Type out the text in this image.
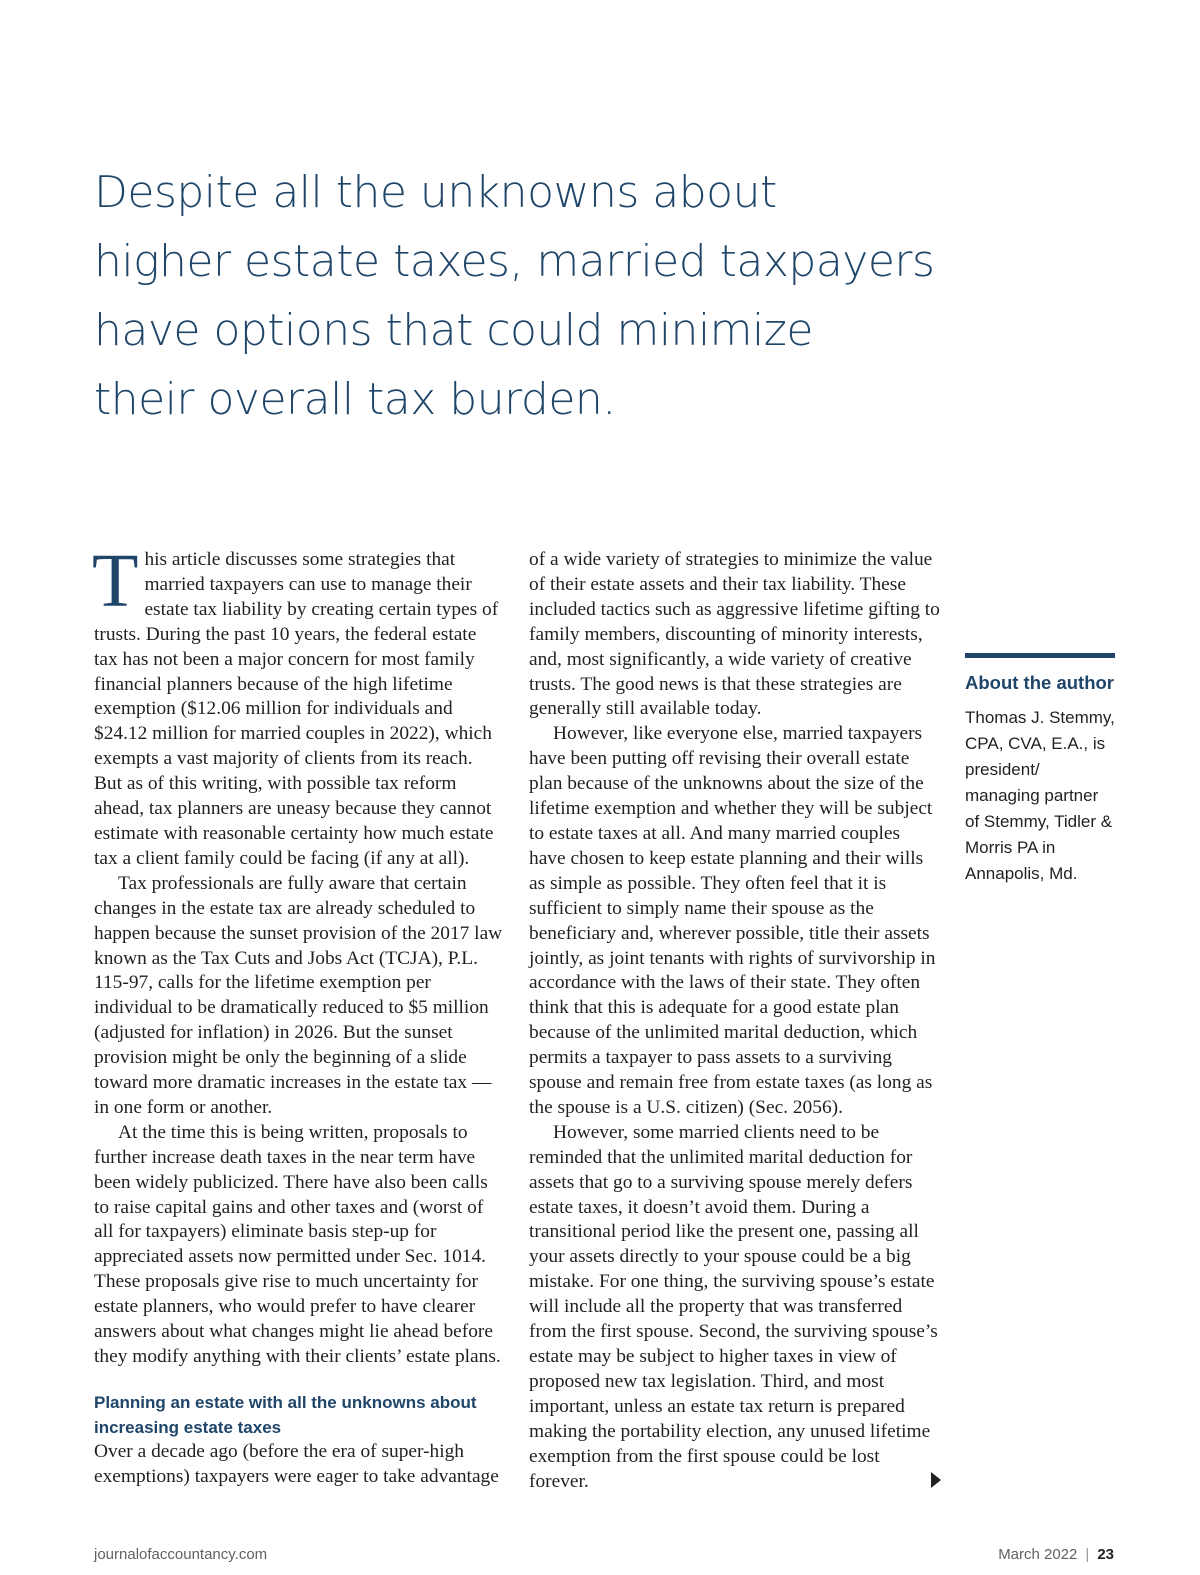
Despite all the unknowns about
higher estate taxes, married taxpayers
have options that could minimize
their overall tax burden.

This article discusses some strategies that married taxpayers can use to manage their estate tax liability by creating certain types of trusts. During the past 10 years, the federal estate tax has not been a major concern for most family financial planners because of the high lifetime exemption ($12.06 million for individuals and $24.12 million for married couples in 2022), which exempts a vast majority of clients from its reach. But as of this writing, with possible tax reform ahead, tax planners are uneasy because they cannot estimate with reasonable certainty how much estate tax a client family could be facing (if any at all).

Tax professionals are fully aware that certain changes in the estate tax are already scheduled to happen because the sunset provision of the 2017 law known as the Tax Cuts and Jobs Act (TCJA), P.L. 115-97, calls for the lifetime exemption per individual to be dramatically reduced to $5 million (adjusted for inflation) in 2026. But the sunset provision might be only the beginning of a slide toward more dramatic increases in the estate tax — in one form or another.

At the time this is being written, proposals to further increase death taxes in the near term have been widely publicized. There have also been calls to raise capital gains and other taxes and (worst of all for taxpayers) eliminate basis step-up for appreciated assets now permitted under Sec. 1014. These proposals give rise to much uncertainty for estate planners, who would prefer to have clearer answers about what changes might lie ahead before they modify anything with their clients’ estate plans.

Planning an estate with all the unknowns about increasing estate taxes

Over a decade ago (before the era of super-high exemptions) taxpayers were eager to take advantage

of a wide variety of strategies to minimize the value of their estate assets and their tax liability. These included tactics such as aggressive lifetime gifting to family members, discounting of minority interests, and, most significantly, a wide variety of creative trusts. The good news is that these strategies are generally still available today.

However, like everyone else, married taxpayers have been putting off revising their overall estate plan because of the unknowns about the size of the lifetime exemption and whether they will be subject to estate taxes at all. And many married couples have chosen to keep estate planning and their wills as simple as possible. They often feel that it is sufficient to simply name their spouse as the beneficiary and, wherever possible, title their assets jointly, as joint tenants with rights of survivorship in accordance with the laws of their state. They often think that this is adequate for a good estate plan because of the unlimited marital deduction, which permits a taxpayer to pass assets to a surviving spouse and remain free from estate taxes (as long as the spouse is a U.S. citizen) (Sec. 2056).

However, some married clients need to be reminded that the unlimited marital deduction for assets that go to a surviving spouse merely defers estate taxes, it doesn’t avoid them. During a transitional period like the present one, passing all your assets directly to your spouse could be a big mistake. For one thing, the surviving spouse’s estate will include all the property that was transferred from the first spouse. Second, the surviving spouse’s estate may be subject to higher taxes in view of proposed new tax legislation. Third, and most important, unless an estate tax return is prepared making the portability election, any unused lifetime exemption from the first spouse could be lost forever.

About the author
Thomas J. Stemmy, CPA, CVA, E.A., is president/ managing partner of Stemmy, Tidler & Morris PA in Annapolis, Md.
journalofaccountancy.com	March 2022 | 23
